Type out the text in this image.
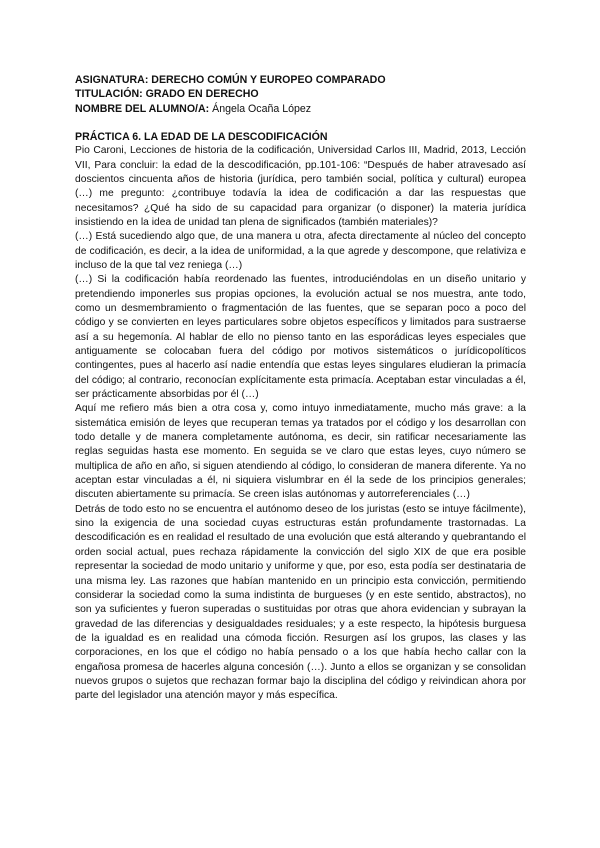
ASIGNATURA: DERECHO COMÚN Y EUROPEO COMPARADO
TITULACIÓN: GRADO EN DERECHO
NOMBRE DEL ALUMNO/A: Ángela Ocaña López
PRÁCTICA 6. LA EDAD DE LA DESCODIFICACIÓN

Pio Caroni, Lecciones de historia de la codificación, Universidad Carlos III, Madrid, 2013, Lección VII, Para concluir: la edad de la descodificación, pp.101-106: “Después de haber atravesado así doscientos cincuenta años de historia (jurídica, pero también social, política y cultural) europea (…) me pregunto: ¿contribuye todavía la idea de codificación a dar las respuestas que necesitamos? ¿Qué ha sido de su capacidad para organizar (o disponer) la materia jurídica insistiendo en la idea de unidad tan plena de significados (también materiales)?

(…) Está sucediendo algo que, de una manera u otra, afecta directamente al núcleo del concepto de codificación, es decir, a la idea de uniformidad, a la que agrede y descompone, que relativiza e incluso de la que tal vez reniega (…)

(…) Si la codificación había reordenado las fuentes, introduciéndolas en un diseño unitario y pretendiendo imponerles sus propias opciones, la evolución actual se nos muestra, ante todo, como un desmembramiento o fragmentación de las fuentes, que se separan poco a poco del código y se convierten en leyes particulares sobre objetos específicos y limitados para sustraerse así a su hegemonía. Al hablar de ello no pienso tanto en las esporádicas leyes especiales que antiguamente se colocaban fuera del código por motivos sistemáticos o jurídicopolíticos contingentes, pues al hacerlo así nadie entendía que estas leyes singulares eludieran la primacía del código; al contrario, reconocían explícitamente esta primacía. Aceptaban estar vinculadas a él, ser prácticamente absorbidas por él (…)

Aquí me refiero más bien a otra cosa y, como intuyo inmediatamente, mucho más grave: a la sistemática emisión de leyes que recuperan temas ya tratados por el código y los desarrollan con todo detalle y de manera completamente autónoma, es decir, sin ratificar necesariamente las reglas seguidas hasta ese momento. En seguida se ve claro que estas leyes, cuyo número se multiplica de año en año, si siguen atendiendo al código, lo consideran de manera diferente. Ya no aceptan estar vinculadas a él, ni siquiera vislumbrar en él la sede de los principios generales; discuten abiertamente su primacía. Se creen islas autónomas y autorreferenciales (…)

Detrás de todo esto no se encuentra el autónomo deseo de los juristas (esto se intuye fácilmente), sino la exigencia de una sociedad cuyas estructuras están profundamente trastornadas. La descodificación es en realidad el resultado de una evolución que está alterando y quebrantando el orden social actual, pues rechaza rápidamente la convicción del siglo XIX de que era posible representar la sociedad de modo unitario y uniforme y que, por eso, esta podía ser destinataria de una misma ley. Las razones que habían mantenido en un principio esta convicción, permitiendo considerar la sociedad como la suma indistinta de burgueses (y en este sentido, abstractos), no son ya suficientes y fueron superadas o sustituidas por otras que ahora evidencian y subrayan la gravedad de las diferencias y desigualdades residuales; y a este respecto, la hipótesis burguesa de la igualdad es en realidad una cómoda ficción. Resurgen así los grupos, las clases y las corporaciones, en los que el código no había pensado o a los que había hecho callar con la engañosa promesa de hacerles alguna concesión (…). Junto a ellos se organizan y se consolidan nuevos grupos o sujetos que rechazan formar bajo la disciplina del código y reivindican ahora por parte del legislador una atención mayor y más específica.
